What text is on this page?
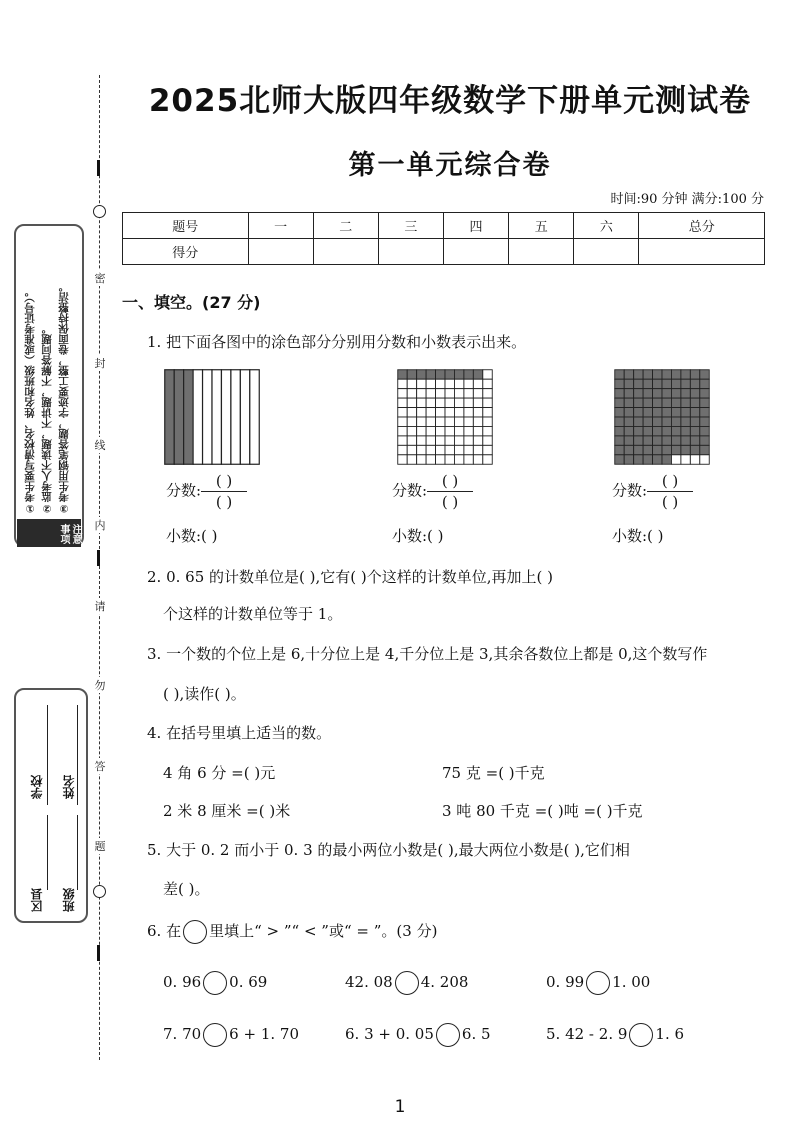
密
封
线
内
请
勿
答
题
①考生要写清校名、姓名和班级（或准考证号）。 ②监考人不读题，不讲题，不解答问题。 ③考生用钢笔答题，字迹要工整，卷面保持整洁。
注意事项
学校 姓名
区县 班级
2025北师大版四年级数学下册单元测试卷
第一单元综合卷
时间:90 分钟 满分:100 分
题号	一	二	三	四	五	六	总分
得分							
一、填空。(27 分)
1. 把下面各图中的涂色部分分别用分数和小数表示出来。
分数: $\frac{( )}{( )}$	分数: $\frac{( )}{( )}$	分数: $\frac{( )}{( )}$
小数:( )	小数:( )	小数:( )
2. 0. 65 的计数单位是( ),它有( )个这样的计数单位,再加上( )
个这样的计数单位等于 1。
3. 一个数的个位上是 6,十分位上是 4,千分位上是 3,其余各数位上都是 0,这个数写作
( ),读作( )。
4. 在括号里填上适当的数。
4 角 6 分 =( )元	75 克 =( )千克
2 米 8 厘米 =( )米	3 吨 80 千克 =( )吨 =( )千克
5. 大于 0. 2 而小于 0. 3 的最小两位小数是( ),最大两位小数是( ),它们相
差( )。
6. 在 里填上“ > ”“ < ”或“ = ”。(3 分)
0. 96 0. 69	42. 08 4. 208	0. 99 1. 00
7. 70 6 + 1. 70	6. 3 + 0. 05 6. 5	5. 42 - 2. 9 1. 6
1
